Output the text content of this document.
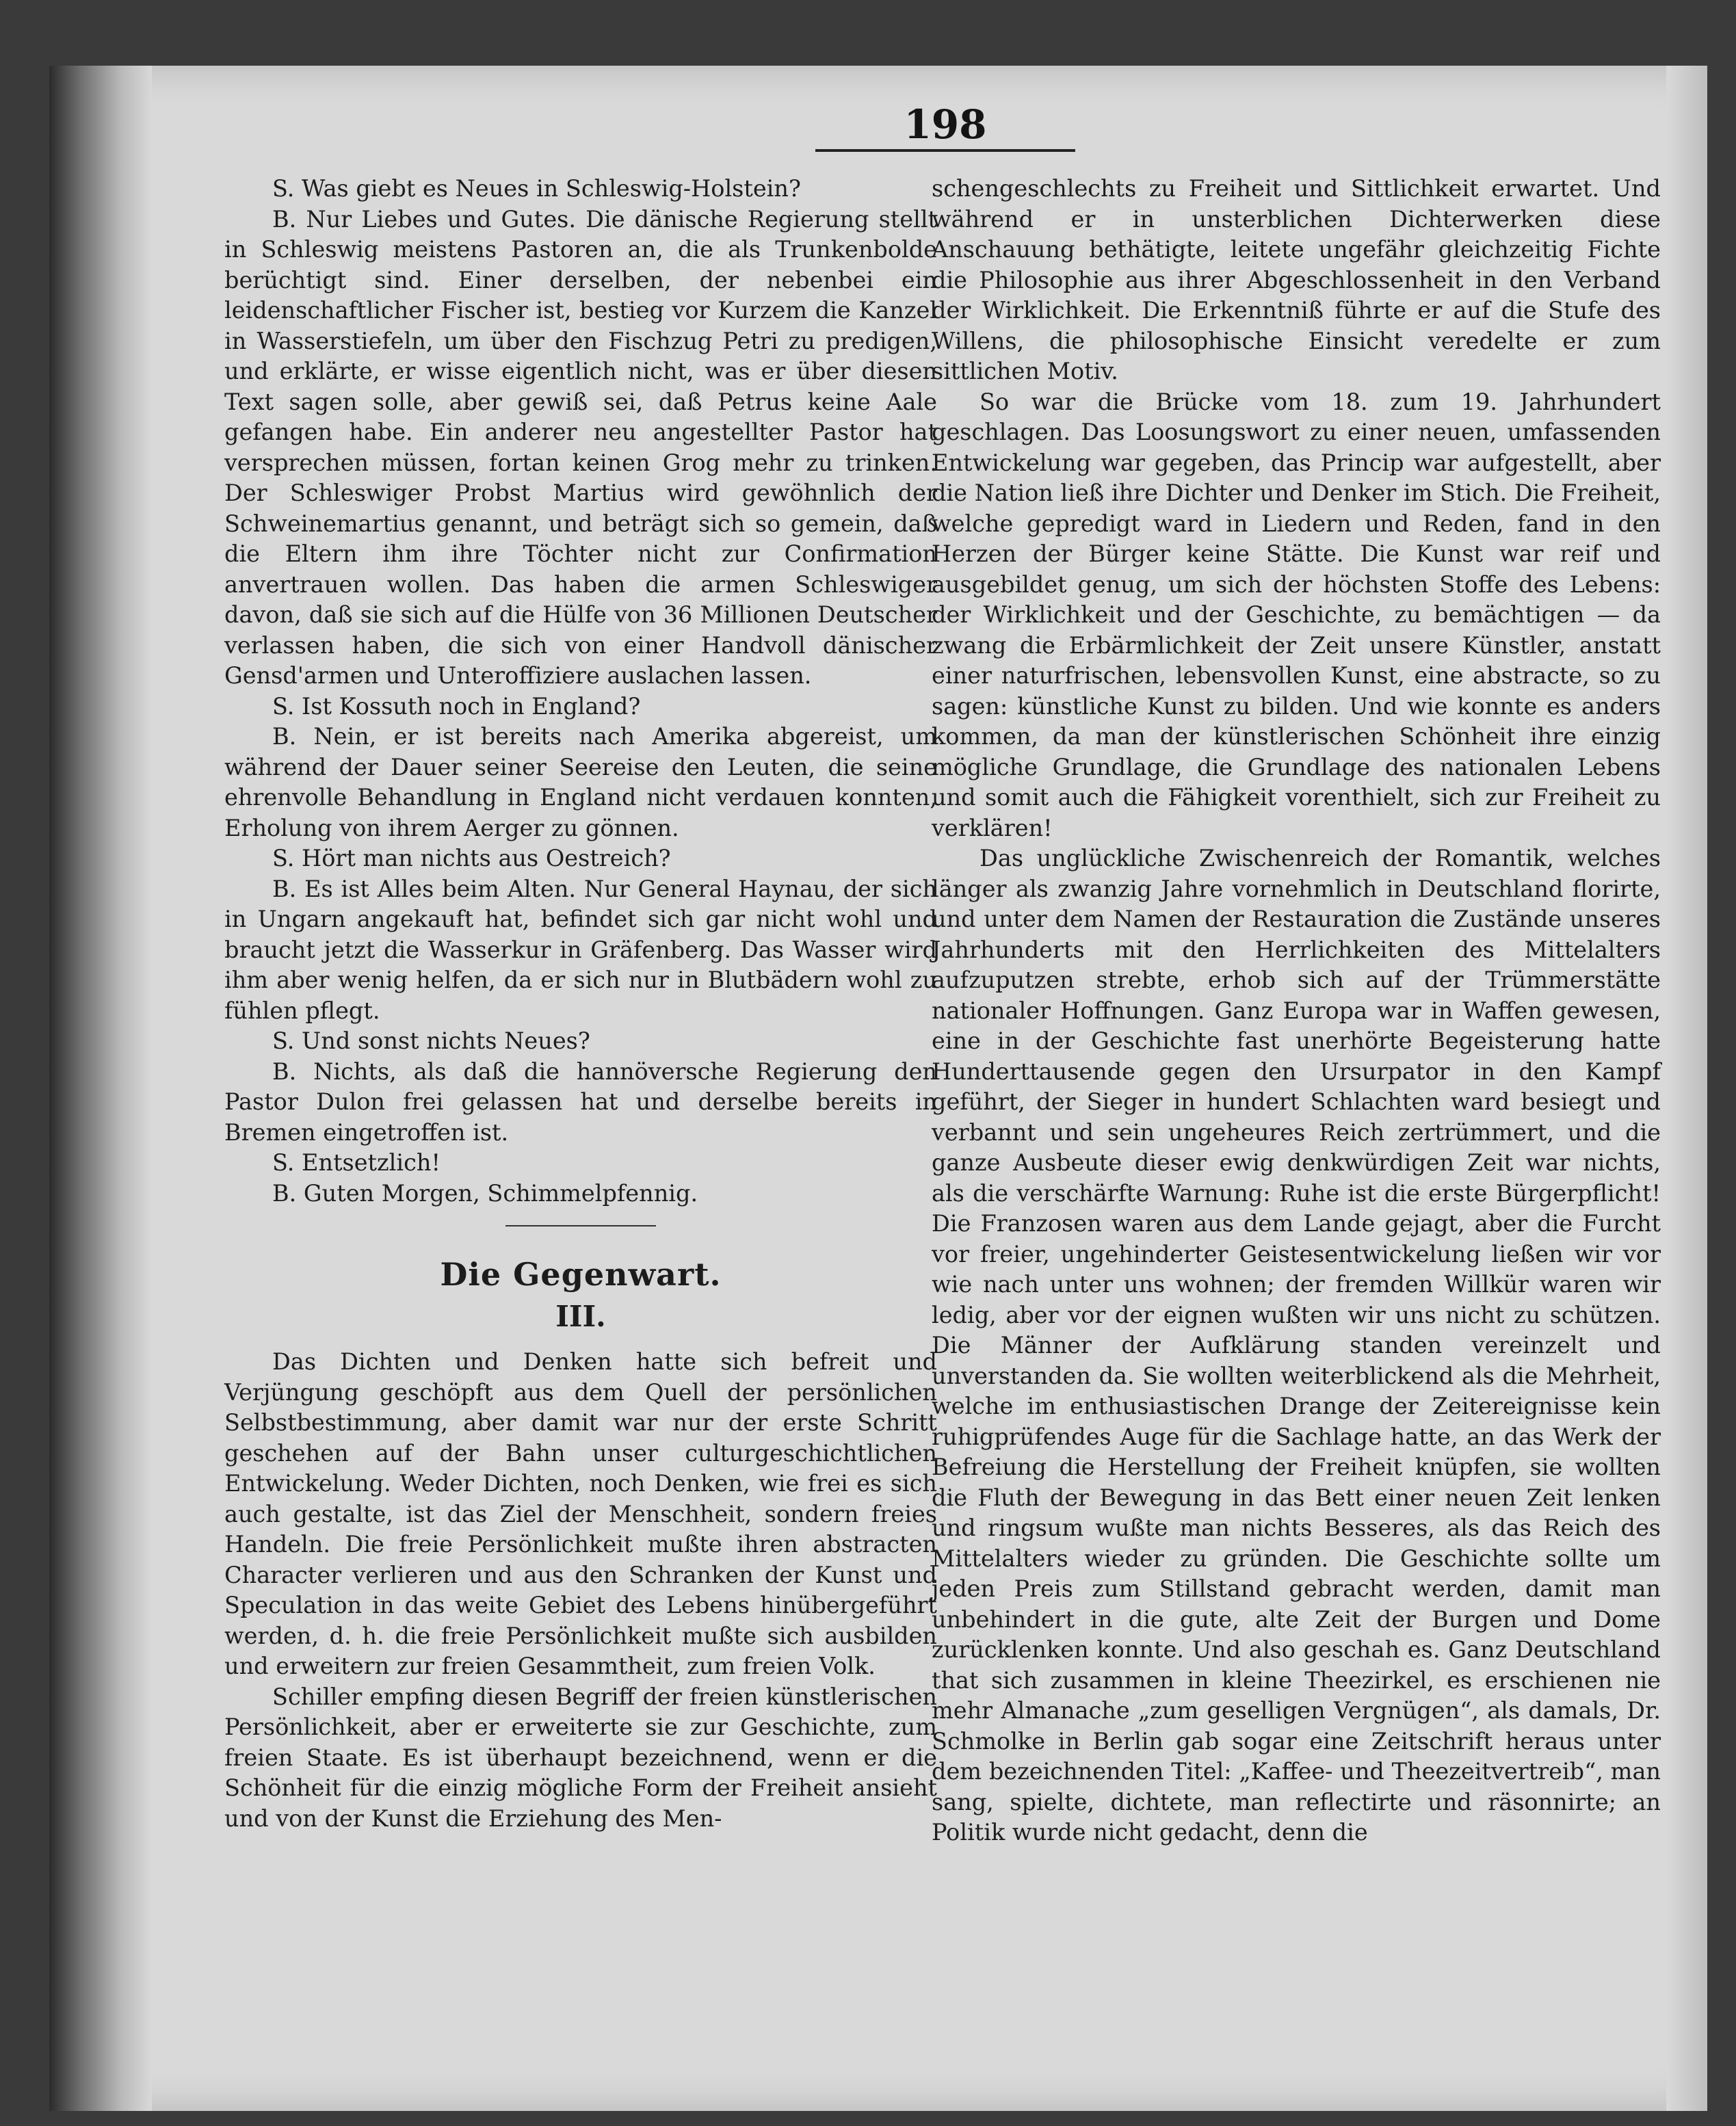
198

S. Was giebt es Neues in Schleswig-Holstein?

B. Nur Liebes und Gutes. Die dänische Regierung stellt in Schleswig meistens Pastoren an, die als Trunkenbolde berüchtigt sind. Einer derselben, der nebenbei ein leidenschaftlicher Fischer ist, bestieg vor Kurzem die Kanzel in Wasserstiefeln, um über den Fischzug Petri zu predigen, und erklärte, er wisse eigentlich nicht, was er über diesen Text sagen solle, aber gewiß sei, daß Petrus keine Aale gefangen habe. Ein anderer neu angestellter Pastor hat versprechen müssen, fortan keinen Grog mehr zu trinken. Der Schleswiger Probst Martius wird gewöhnlich der Schweinemartius genannt, und beträgt sich so gemein, daß die Eltern ihm ihre Töchter nicht zur Confirmation anvertrauen wollen. Das haben die armen Schleswiger davon, daß sie sich auf die Hülfe von 36 Millionen Deutscher verlassen haben, die sich von einer Handvoll dänischer Gensd'armen und Unteroffiziere auslachen lassen.

S. Ist Kossuth noch in England?

B. Nein, er ist bereits nach Amerika abgereist, um während der Dauer seiner Seereise den Leuten, die seine ehrenvolle Behandlung in England nicht verdauen konnten, Erholung von ihrem Aerger zu gönnen.

S. Hört man nichts aus Oestreich?

B. Es ist Alles beim Alten. Nur General Haynau, der sich in Ungarn angekauft hat, befindet sich gar nicht wohl und braucht jetzt die Wasserkur in Gräfenberg. Das Wasser wird ihm aber wenig helfen, da er sich nur in Blutbädern wohl zu fühlen pflegt.

S. Und sonst nichts Neues?

B. Nichts, als daß die hannöversche Regierung den Pastor Dulon frei gelassen hat und derselbe bereits in Bremen eingetroffen ist.

S. Entsetzlich!

B. Guten Morgen, Schimmelpfennig.

Die Gegenwart.
III.

Das Dichten und Denken hatte sich befreit und Verjüngung geschöpft aus dem Quell der persönlichen Selbstbestimmung, aber damit war nur der erste Schritt geschehen auf der Bahn unser culturgeschichtlichen Entwickelung. Weder Dichten, noch Denken, wie frei es sich auch gestalte, ist das Ziel der Menschheit, sondern freies Handeln. Die freie Persönlichkeit mußte ihren abstracten Character verlieren und aus den Schranken der Kunst und Speculation in das weite Gebiet des Lebens hinübergeführt werden, d. h. die freie Persönlichkeit mußte sich ausbilden und erweitern zur freien Gesammtheit, zum freien Volk.

Schiller empfing diesen Begriff der freien künstlerischen Persönlichkeit, aber er erweiterte sie zur Geschichte, zum freien Staate. Es ist überhaupt bezeichnend, wenn er die Schönheit für die einzig mögliche Form der Freiheit ansieht und von der Kunst die Erziehung des Men-

schengeschlechts zu Freiheit und Sittlichkeit erwartet. Und während er in unsterblichen Dichterwerken diese Anschauung bethätigte, leitete ungefähr gleichzeitig Fichte die Philosophie aus ihrer Abgeschlossenheit in den Verband der Wirklichkeit. Die Erkenntniß führte er auf die Stufe des Willens, die philosophische Einsicht veredelte er zum sittlichen Motiv.

So war die Brücke vom 18. zum 19. Jahrhundert geschlagen. Das Loosungswort zu einer neuen, umfassenden Entwickelung war gegeben, das Princip war aufgestellt, aber die Nation ließ ihre Dichter und Denker im Stich. Die Freiheit, welche gepredigt ward in Liedern und Reden, fand in den Herzen der Bürger keine Stätte. Die Kunst war reif und ausgebildet genug, um sich der höchsten Stoffe des Lebens: der Wirklichkeit und der Geschichte, zu bemächtigen — da zwang die Erbärmlichkeit der Zeit unsere Künstler, anstatt einer naturfrischen, lebensvollen Kunst, eine abstracte, so zu sagen: künstliche Kunst zu bilden. Und wie konnte es anders kommen, da man der künstlerischen Schönheit ihre einzig mögliche Grundlage, die Grundlage des nationalen Lebens und somit auch die Fähigkeit vorenthielt, sich zur Freiheit zu verklären!

Das unglückliche Zwischenreich der Romantik, welches länger als zwanzig Jahre vornehmlich in Deutschland florirte, und unter dem Namen der Restauration die Zustände unseres Jahrhunderts mit den Herrlichkeiten des Mittelalters aufzuputzen strebte, erhob sich auf der Trümmerstätte nationaler Hoffnungen. Ganz Europa war in Waffen gewesen, eine in der Geschichte fast unerhörte Begeisterung hatte Hunderttausende gegen den Ursurpator in den Kampf geführt, der Sieger in hundert Schlachten ward besiegt und verbannt und sein ungeheures Reich zertrümmert, und die ganze Ausbeute dieser ewig denkwürdigen Zeit war nichts, als die verschärfte Warnung: Ruhe ist die erste Bürgerpflicht! Die Franzosen waren aus dem Lande gejagt, aber die Furcht vor freier, ungehinderter Geistesentwickelung ließen wir vor wie nach unter uns wohnen; der fremden Willkür waren wir ledig, aber vor der eignen wußten wir uns nicht zu schützen. Die Männer der Aufklärung standen vereinzelt und unverstanden da. Sie wollten weiterblickend als die Mehrheit, welche im enthusiastischen Drange der Zeitereignisse kein ruhigprüfendes Auge für die Sachlage hatte, an das Werk der Befreiung die Herstellung der Freiheit knüpfen, sie wollten die Fluth der Bewegung in das Bett einer neuen Zeit lenken und ringsum wußte man nichts Besseres, als das Reich des Mittelalters wieder zu gründen. Die Geschichte sollte um jeden Preis zum Stillstand gebracht werden, damit man unbehindert in die gute, alte Zeit der Burgen und Dome zurücklenken konnte. Und also geschah es. Ganz Deutschland that sich zusammen in kleine Theezirkel, es erschienen nie mehr Almanache „zum geselligen Vergnügen“, als damals, Dr. Schmolke in Berlin gab sogar eine Zeitschrift heraus unter dem bezeichnenden Titel: „Kaffee- und Theezeitvertreib“, man sang, spielte, dichtete, man reflectirte und räsonnirte; an Politik wurde nicht gedacht, denn die
